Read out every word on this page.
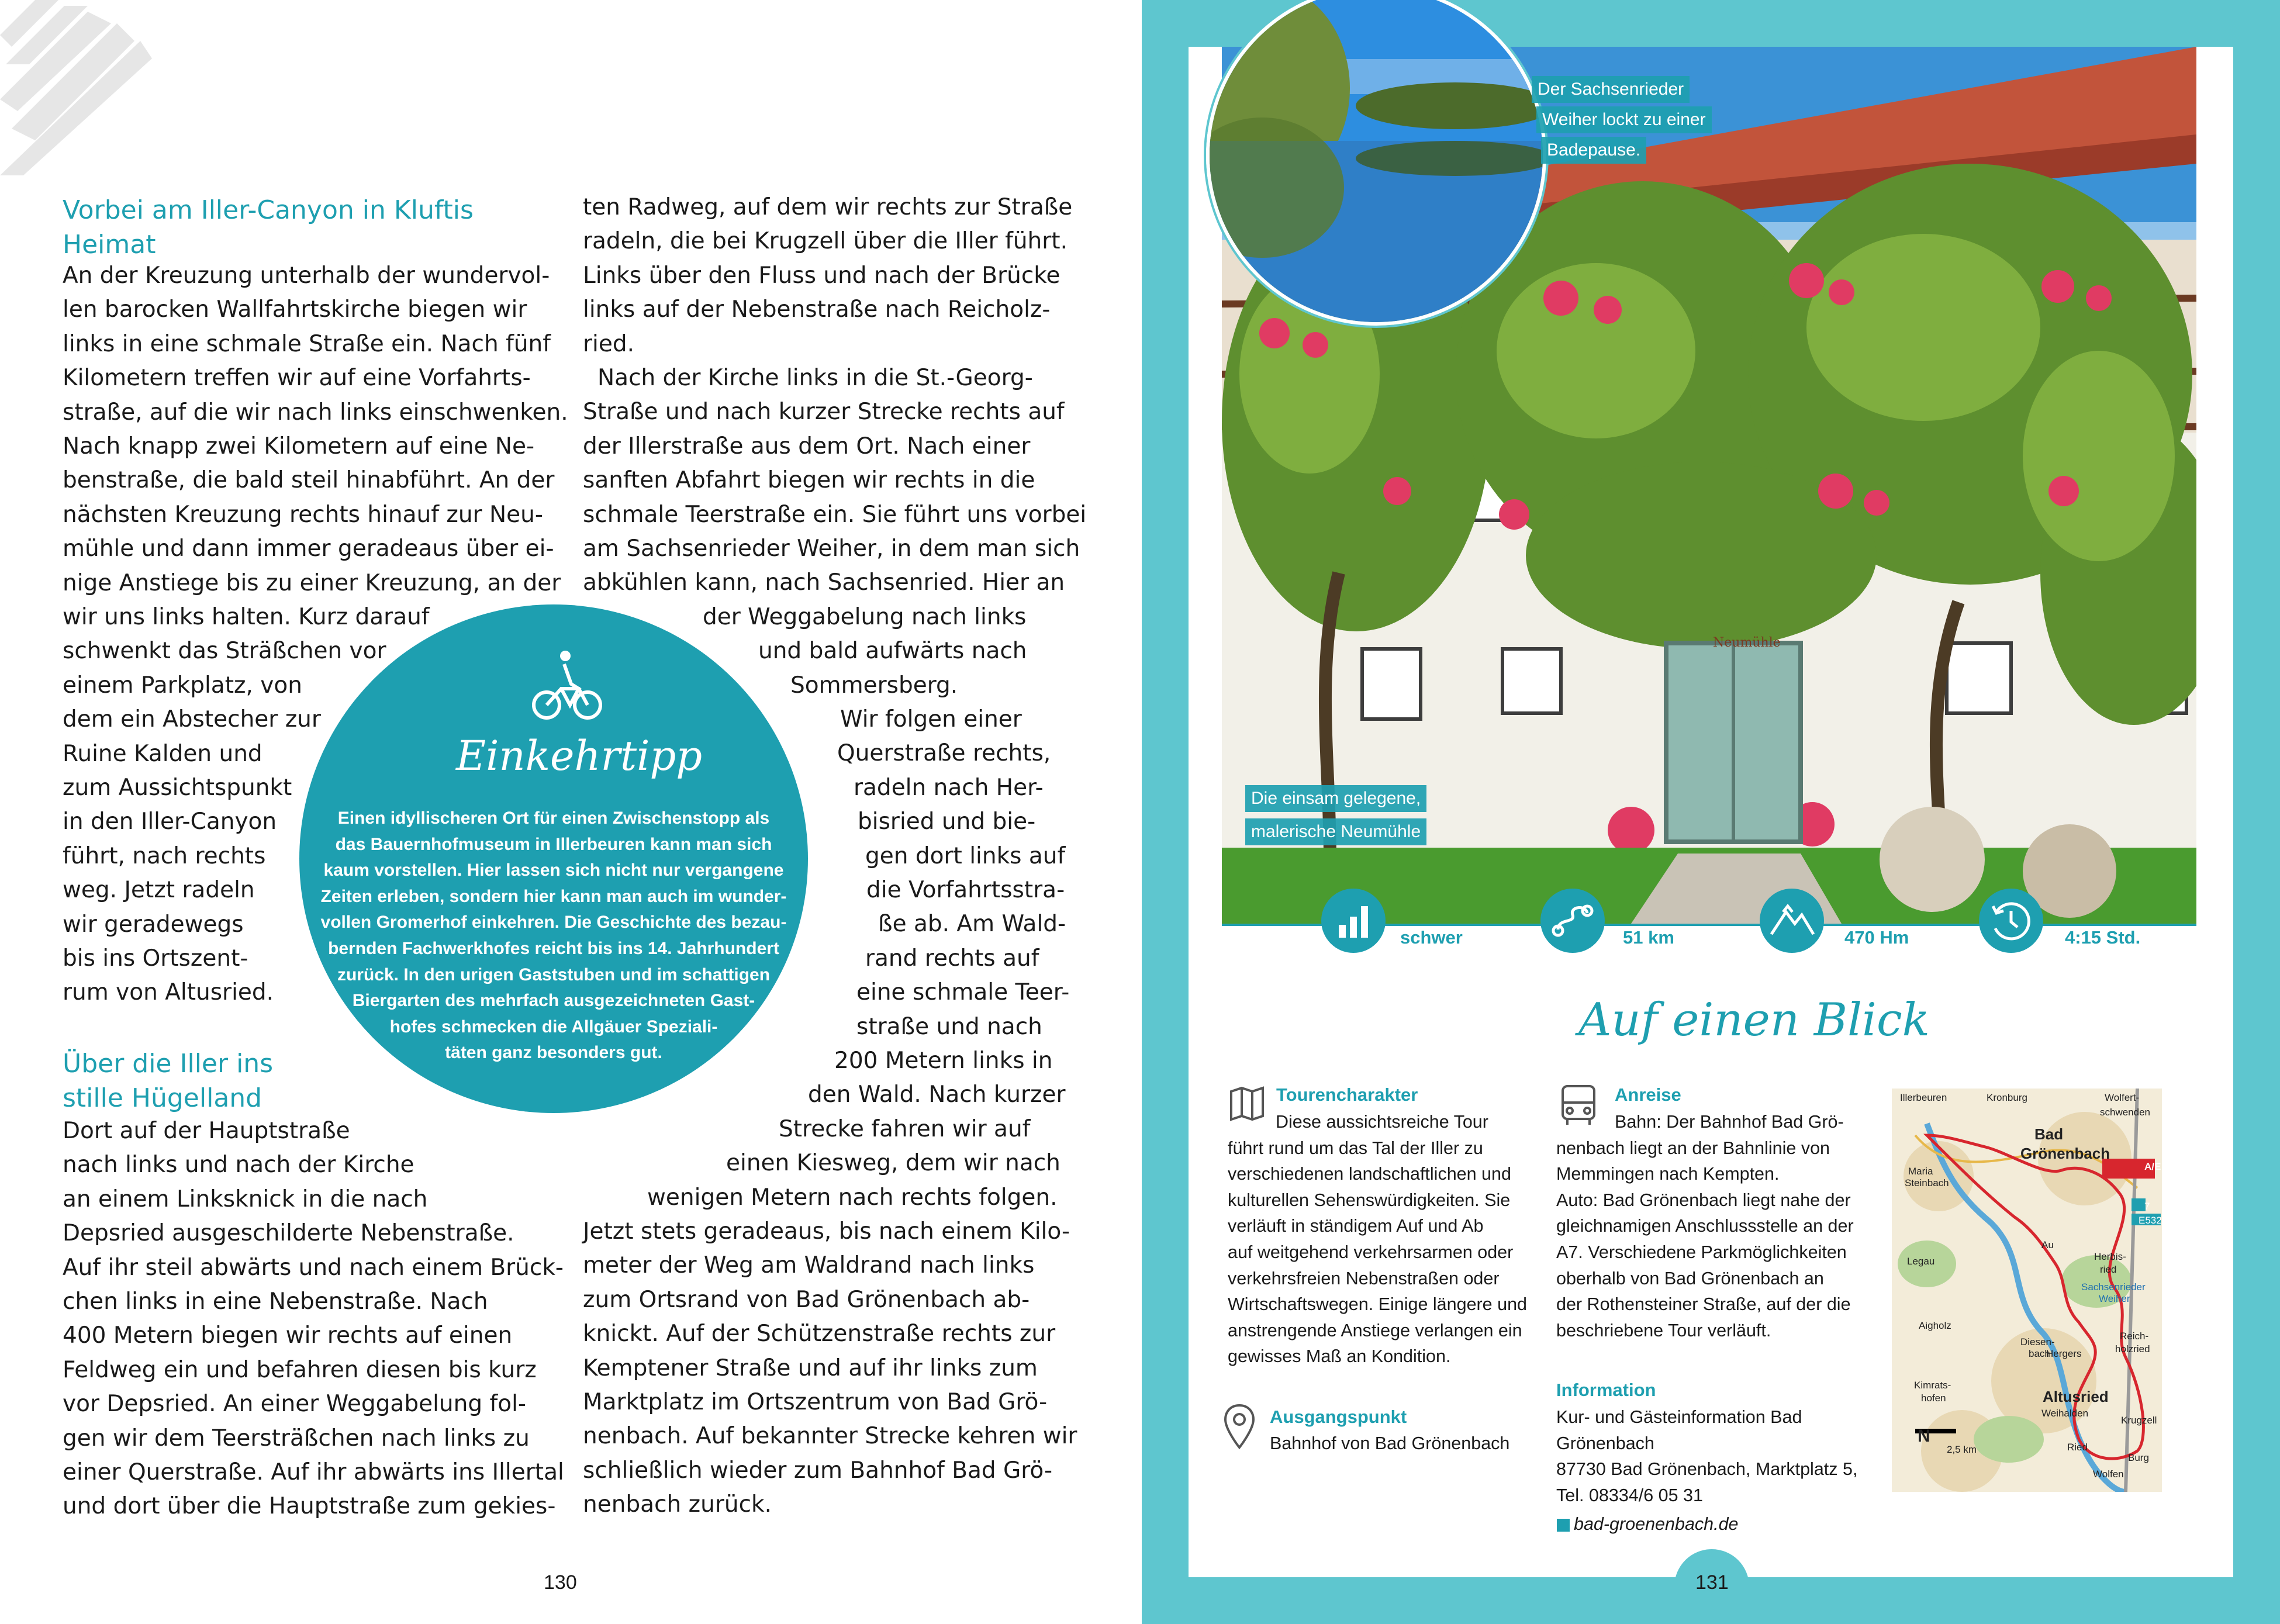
Vorbei am Iller-Canyon in Kluftis
Heimat
An der Kreuzung unterhalb der wundervol-
len barocken Wallfahrtskirche biegen wir
links in eine schmale Straße ein. Nach fünf
Kilometern treffen wir auf eine Vorfahrts-
straße, auf die wir nach links einschwenken.
Nach knapp zwei Kilometern auf eine Ne-
benstraße, die bald steil hinabführt. An der
nächsten Kreuzung rechts hinauf zur Neu-
mühle und dann immer geradeaus über ei-
nige Anstiege bis zu einer Kreuzung, an der
wir uns links halten. Kurz darauf
schwenkt das Sträßchen vor
einem Parkplatz, von
dem ein Abstecher zur
Ruine Kalden und
zum Aussichtspunkt
in den Iller-Canyon
führt, nach rechts
weg. Jetzt radeln
wir geradewegs
bis ins Ortszent-
rum von Altusried.
Über die Iller ins
stille Hügelland
Dort auf der Hauptstraße
nach links und nach der Kirche
an einem Linksknick in die nach
Depsried ausgeschilderte Nebenstraße.
Auf ihr steil abwärts und nach einem Brück-
chen links in eine Nebenstraße. Nach
400 Metern biegen wir rechts auf einen
Feldweg ein und befahren diesen bis kurz
vor Depsried. An einer Weggabelung fol-
gen wir dem Teersträßchen nach links zu
einer Querstraße. Auf ihr abwärts ins Illertal
und dort über die Hauptstraße zum gekies-
ten Radweg, auf dem wir rechts zur Straße
radeln, die bei Krugzell über die Iller führt.
Links über den Fluss und nach der Brücke
links auf der Nebenstraße nach Reicholz-
ried.
Nach der Kirche links in die St.-Georg-
Straße und nach kurzer Strecke rechts auf
der Illerstraße aus dem Ort. Nach einer
sanften Abfahrt biegen wir rechts in die
schmale Teerstraße ein. Sie führt uns vorbei
am Sachsenrieder Weiher, in dem man sich
abkühlen kann, nach Sachsenried. Hier an
der Weggabelung nach links
und bald aufwärts nach
Sommersberg.
Wir folgen einer
Querstraße rechts,
radeln nach Her-
bisried und bie-
gen dort links auf
die Vorfahrtsstra-
ße ab. Am Wald-
rand rechts auf
eine schmale Teer-
straße und nach
200 Metern links in
den Wald. Nach kurzer
Strecke fahren wir auf
einen Kiesweg, dem wir nach
wenigen Metern nach rechts folgen.
Jetzt stets geradeaus, bis nach einem Kilo-
meter der Weg am Waldrand nach links
zum Ortsrand von Bad Grönenbach ab-
knickt. Auf der Schützenstraße rechts zur
Kemptener Straße und auf ihr links zum
Marktplatz im Ortszentrum von Bad Grö-
nenbach. Auf bekannter Strecke kehren wir
schließlich wieder zum Bahnhof Bad Grö-
nenbach zurück.
Einkehrtipp
Einen idyllischeren Ort für einen Zwischenstopp als
das Bauernhofmuseum in Illerbeuren kann man sich
kaum vorstellen. Hier lassen sich nicht nur vergangene
Zeiten erleben, sondern hier kann man auch im wunder-
vollen Gromerhof einkehren. Die Geschichte des bezau-
bernden Fachwerkhofes reicht bis ins 14. Jahrhundert
zurück. In den urigen Gaststuben und im schattigen
Biergarten des mehrfach ausgezeichneten Gast-
hofes schmecken die Allgäuer Speziali-
täten ganz besonders gut.
130
Neumühle
Der Sachsenrieder
Weiher lockt zu einer
Badepause.
Die einsam gelegene,
malerische Neumühle
schwer	51 km	470 Hm	4:15 Std.
Auf einen Blick
Tourencharakter
Diese aussichtsreiche Tour
führt rund um das Tal der Iller zu
verschiedenen landschaftlichen und
kulturellen Sehenswürdigkeiten. Sie
verläuft in ständigem Auf und Ab
auf weitgehend verkehrsarmen oder
verkehrsfreien Nebenstraßen oder
Wirtschaftswegen. Einige längere und
anstrengende Anstiege verlangen ein
gewisses Maß an Kondition.
Ausgangspunkt
Bahnhof von Bad Grönenbach
Anreise
Bahn: Der Bahnhof Bad Grö-
nenbach liegt an der Bahnlinie von
Memmingen nach Kempten.
Auto: Bad Grönenbach liegt nahe der
gleichnamigen Anschlussstelle an der
A7. Verschiedene Parkmöglichkeiten
oberhalb von Bad Grönenbach an
der Rothensteiner Straße, auf der die
beschriebene Tour verläuft.
Information
Kur- und Gästeinformation Bad
Grönenbach
87730 Bad Grönenbach, Marktplatz 5,
Tel. 08334/6 05 31
bad-groenenbach.de
Illerbeuren	Kronburg	Wolfert-
schwenden
Bad
Grönenbach
A/E
Maria
Steinbach
7
E532
Legau
Au
Herbis-
ried
Sachsenrieder
Weiher
Aigholz
Reich-
holzried
Diesen-
bach
Hergers
Kimrats-
hofen	Altusried
Weihalden
Krugzell
N
2,5 km	Ried
Burg
Wolfen
131
